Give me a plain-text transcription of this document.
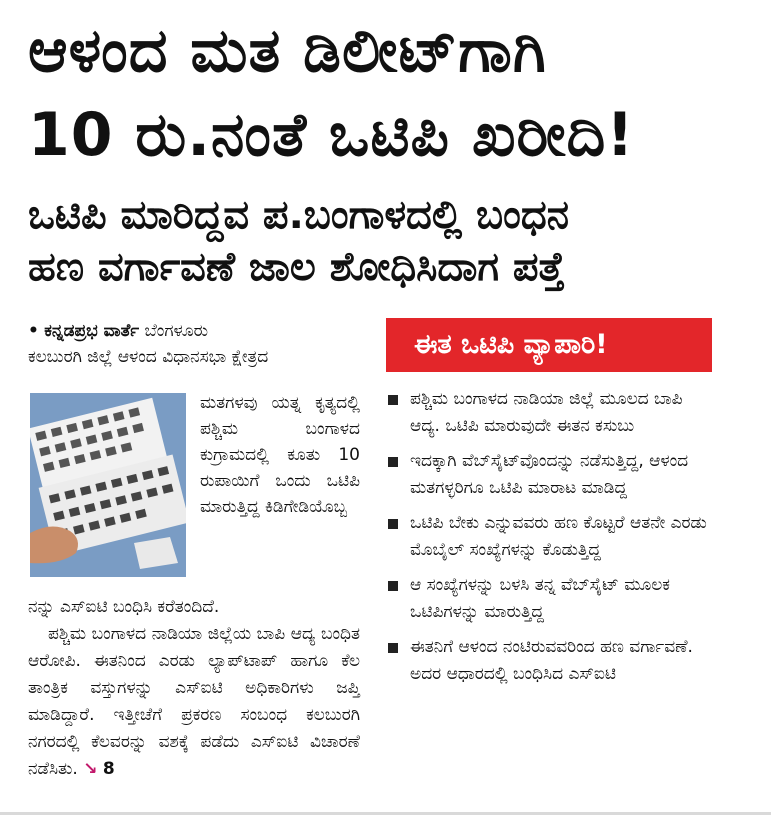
ಆಳಂದ ಮತ ಡಿಲೀಟ್‌ಗಾಗಿ
10 ರು.ನಂತೆ ಒಟಿಪಿ ಖರೀದಿ!
ಒಟಿಪಿ ಮಾರಿದ್ದವ ಪ.ಬಂಗಾಳದಲ್ಲಿ ಬಂಧನ
ಹಣ ವರ್ಗಾವಣೆ ಜಾಲ ಶೋಧಿಸಿದಾಗ ಪತ್ತೆ

• ಕನ್ನಡಪ್ರಭ ವಾರ್ತೆ ಬೆಂಗಳೂರು

ಕಲಬುರಗಿ ಜಿಲ್ಲೆ ಆಳಂದ ವಿಧಾನಸಭಾ ಕ್ಷೇತ್ರದ

ಮತಗಳವು ಯತ್ನ ಕೃತ್ಯದಲ್ಲಿ ಪಶ್ಚಿಮ ಬಂಗಾಳದ ಕುಗ್ರಾಮದಲ್ಲಿ ಕೂತು 10 ರುಪಾಯಿಗೆ ಒಂದು ಒಟಿಪಿ ಮಾರುತ್ತಿದ್ದ ಕಿಡಿಗೇಡಿಯೊಬ್ಬ

ನನ್ನು ಎಸ್‌ಐಟಿ ಬಂಧಿಸಿ ಕರೆತಂದಿದೆ.

ಪಶ್ಚಿಮ ಬಂಗಾಳದ ನಾಡಿಯಾ ಜಿಲ್ಲೆಯ ಬಾಪಿ ಆದ್ಯ ಬಂಧಿತ ಆರೋಪಿ. ಈತನಿಂದ ಎರಡು ಲ್ಯಾಪ್‌ಟಾಪ್ ಹಾಗೂ ಕೆಲ ತಾಂತ್ರಿಕ ವಸ್ತುಗಳನ್ನು ಎಸ್‌ಐಟಿ ಅಧಿಕಾರಿಗಳು ಜಪ್ತಿ ಮಾಡಿದ್ದಾರೆ. ಇತ್ತೀಚೆಗೆ ಪ್ರಕರಣ ಸಂಬಂಧ ಕಲಬುರಗಿ ನಗರದಲ್ಲಿ ಕೆಲವರನ್ನು ವಶಕ್ಕೆ ಪಡೆದು ಎಸ್‌ಐಟಿ ವಿಚಾರಣೆ ನಡೆಸಿತು. ↘ 8

ಈತ ಒಟಿಪಿ ವ್ಯಾಪಾರಿ!
ಪಶ್ಚಿಮ ಬಂಗಾಳದ ನಾಡಿಯಾ ಜಿಲ್ಲೆ ಮೂಲದ ಬಾಪಿ ಆದ್ಯ. ಒಟಿಪಿ ಮಾರುವುದೇ ಈತನ ಕಸುಬು
ಇದಕ್ಕಾಗಿ ವೆಬ್‌ಸೈಟ್‌ವೊಂದನ್ನು ನಡೆಸುತ್ತಿದ್ದ, ಆಳಂದ ಮತಗಳ್ಳರಿಗೂ ಒಟಿಪಿ ಮಾರಾಟ ಮಾಡಿದ್ದ
ಒಟಿಪಿ ಬೇಕು ಎನ್ನುವವರು ಹಣ ಕೊಟ್ಟರೆ ಆತನೇ ಎರಡು ಮೊಬೈಲ್ ಸಂಖ್ಯೆಗಳನ್ನು ಕೊಡುತ್ತಿದ್ದ
ಆ ಸಂಖ್ಯೆಗಳನ್ನು ಬಳಸಿ ತನ್ನ ವೆಬ್‌ಸೈಟ್ ಮೂಲಕ ಒಟಿಪಿಗಳನ್ನು ಮಾರುತ್ತಿದ್ದ
ಈತನಿಗೆ ಆಳಂದ ನಂಟಿರುವವರಿಂದ ಹಣ ವರ್ಗಾವಣೆ. ಅದರ ಆಧಾರದಲ್ಲಿ ಬಂಧಿಸಿದ ಎಸ್‌ಐಟಿ
